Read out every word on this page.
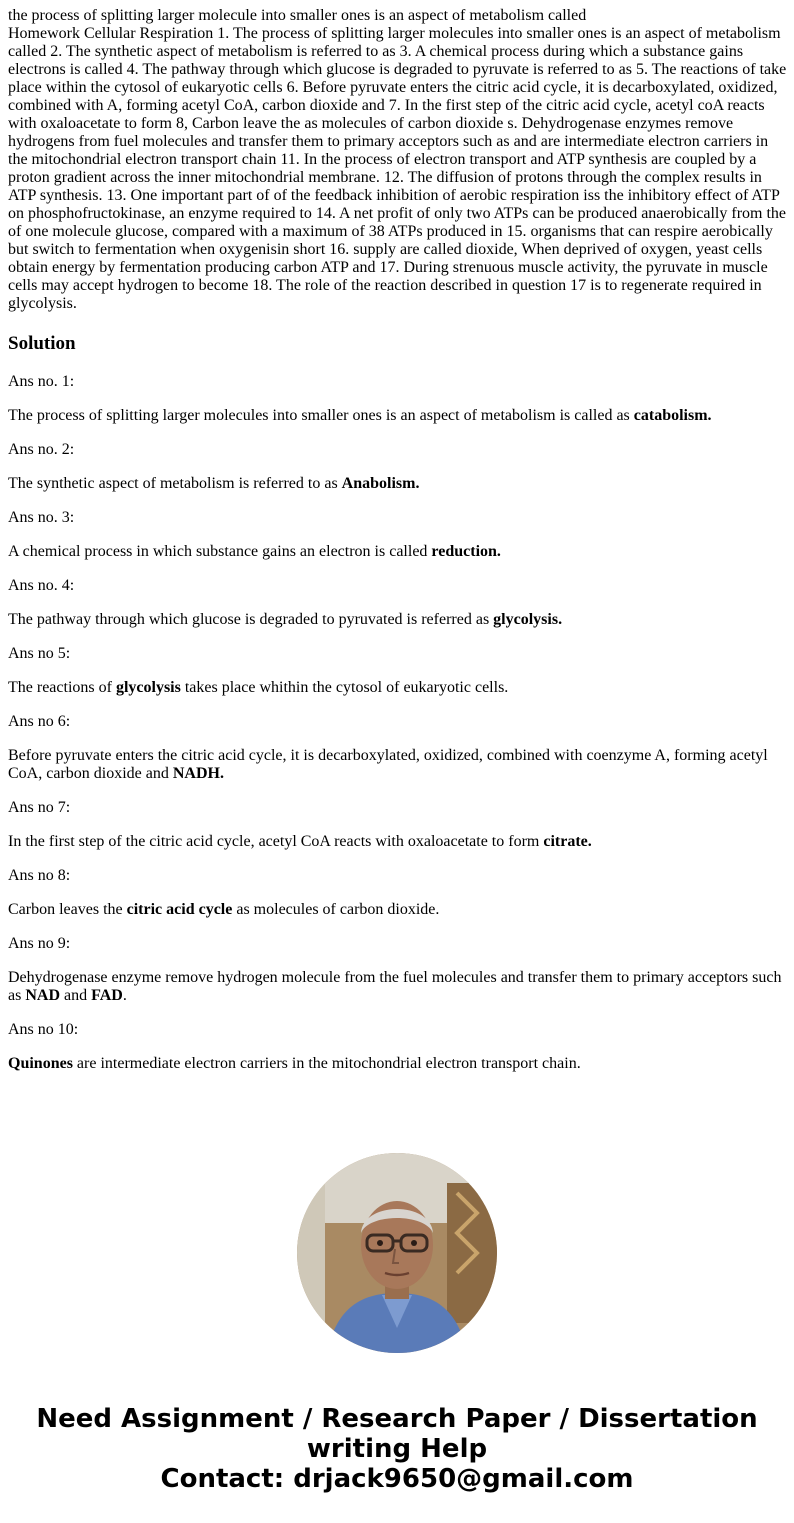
the process of splitting larger molecule into smaller ones is an aspect of metabolism called
Homework Cellular Respiration 1. The process of splitting larger molecules into smaller ones is an aspect of metabolism called 2. The synthetic aspect of metabolism is referred to as 3. A chemical process during which a substance gains electrons is called 4. The pathway through which glucose is degraded to pyruvate is referred to as 5. The reactions of take place within the cytosol of eukaryotic cells 6. Before pyruvate enters the citric acid cycle, it is decarboxylated, oxidized, combined with A, forming acetyl CoA, carbon dioxide and 7. In the first step of the citric acid cycle, acetyl coA reacts with oxaloacetate to form 8, Carbon leave the as molecules of carbon dioxide s. Dehydrogenase enzymes remove hydrogens from fuel molecules and transfer them to primary acceptors such as and are intermediate electron carriers in the mitochondrial electron transport chain 11. In the process of electron transport and ATP synthesis are coupled by a proton gradient across the inner mitochondrial membrane. 12. The diffusion of protons through the complex results in ATP synthesis. 13. One important part of of the feedback inhibition of aerobic respiration iss the inhibitory effect of ATP on phosphofructokinase, an enzyme required to 14. A net profit of only two ATPs can be produced anaerobically from the of one molecule glucose, compared with a maximum of 38 ATPs produced in 15. organisms that can respire aerobically but switch to fermentation when oxygenisin short 16. supply are called dioxide, When deprived of oxygen, yeast cells obtain energy by fermentation producing carbon ATP and 17. During strenuous muscle activity, the pyruvate in muscle cells may accept hydrogen to become 18. The role of the reaction described in question 17 is to regenerate required in glycolysis.
Solution

Ans no. 1:

The process of splitting larger molecules into smaller ones is an aspect of metabolism is called as catabolism.

Ans no. 2:

The synthetic aspect of metabolism is referred to as Anabolism.

Ans no. 3:

A chemical process in which substance gains an electron is called reduction.

Ans no. 4:

The pathway through which glucose is degraded to pyruvated is referred as glycolysis.

Ans no 5:

The reactions of glycolysis takes place whithin the cytosol of eukaryotic cells.

Ans no 6:

Before pyruvate enters the citric acid cycle, it is decarboxylated, oxidized, combined with coenzyme A, forming acetyl CoA, carbon dioxide and NADH.

Ans no 7:

In the first step of the citric acid cycle, acetyl CoA reacts with oxaloacetate to form citrate.

Ans no 8:

Carbon leaves the citric acid cycle as molecules of carbon dioxide.

Ans no 9:

Dehydrogenase enzyme remove hydrogen molecule from the fuel molecules and transfer them to primary acceptors such as NAD and FAD.

Ans no 10:

Quinones are intermediate electron carriers in the mitochondrial electron transport chain.

Need Assignment / Research Paper / Dissertation
writing Help
Contact: drjack9650@gmail.com
